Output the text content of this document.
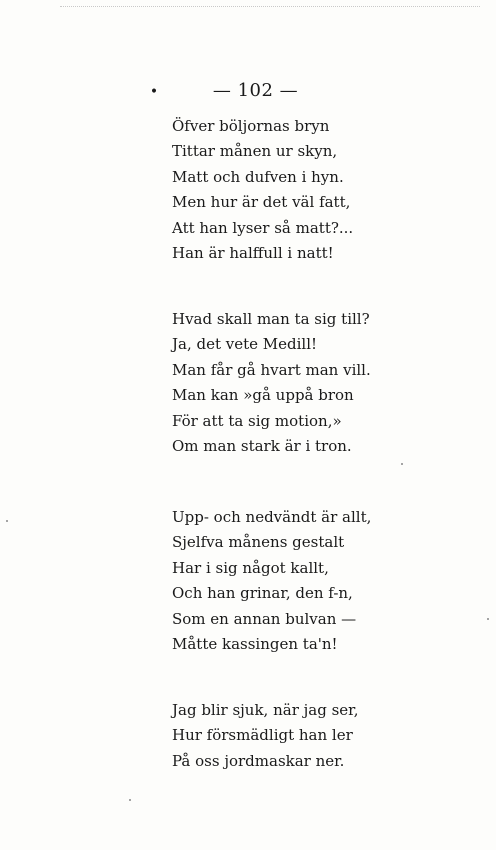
•	— 102 —
Öfver böljornas bryn
Tittar månen ur skyn,
Matt och dufven i hyn.
Men hur är det väl fatt,
Att han lyser så matt?...
Han är halffull i natt!
Hvad skall man ta sig till?
Ja, det vete Medill!
Man får gå hvart man vill.
Man kan »gå uppå bron
För att ta sig motion,»
Om man stark är i tron.
Upp- och nedvändt är allt,
Sjelfva månens gestalt
Har i sig något kallt,
Och han grinar, den f-n,
Som en annan bulvan —
Måtte kassingen ta'n!
Jag blir sjuk, när jag ser,
Hur försmädligt han ler
På oss jordmaskar ner.
